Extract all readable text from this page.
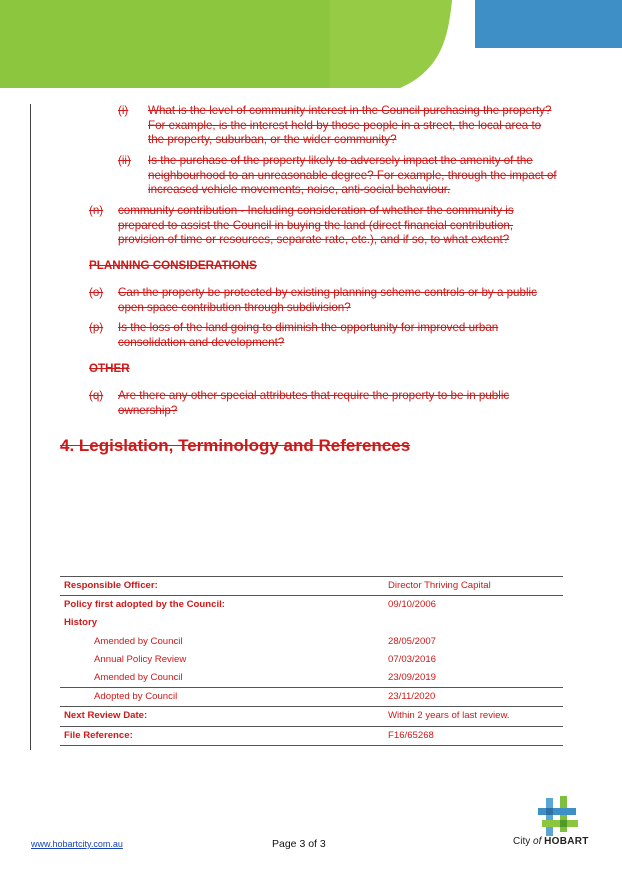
(i) What is the level of community interest in the Council purchasing the property? For example, is the interest held by those people in a street, the local area to the property, suburban, or the wider community?
(ii) Is the purchase of the property likely to adversely impact the amenity of the neighbourhood to an unreasonable degree? For example, through the impact of increased vehicle movements, noise, anti-social behaviour.
(n) community contribution - Including consideration of whether the community is prepared to assist the Council in buying the land (direct financial contribution, provision of time or resources, separate rate, etc.), and if so, to what extent?
PLANNING CONSIDERATIONS
(o) Can the property be protected by existing planning scheme controls or by a public open space contribution through subdivision?
(p) Is the loss of the land going to diminish the opportunity for improved urban consolidation and development?
OTHER
(q) Are there any other special attributes that require the property to be in public ownership?
4. Legislation, Terminology and References
Responsible Officer:	Director Thriving Capital
Policy first adopted by the Council:	09/10/2006
History
Amended by Council	28/05/2007
Annual Policy Review	07/03/2016
Amended by Council	23/09/2019
Adopted by Council	23/11/2020
Next Review Date:	Within 2 years of last review.
File Reference:	F16/65268
www.hobartcity.com.au	Page 3 of 3	City of HOBART
